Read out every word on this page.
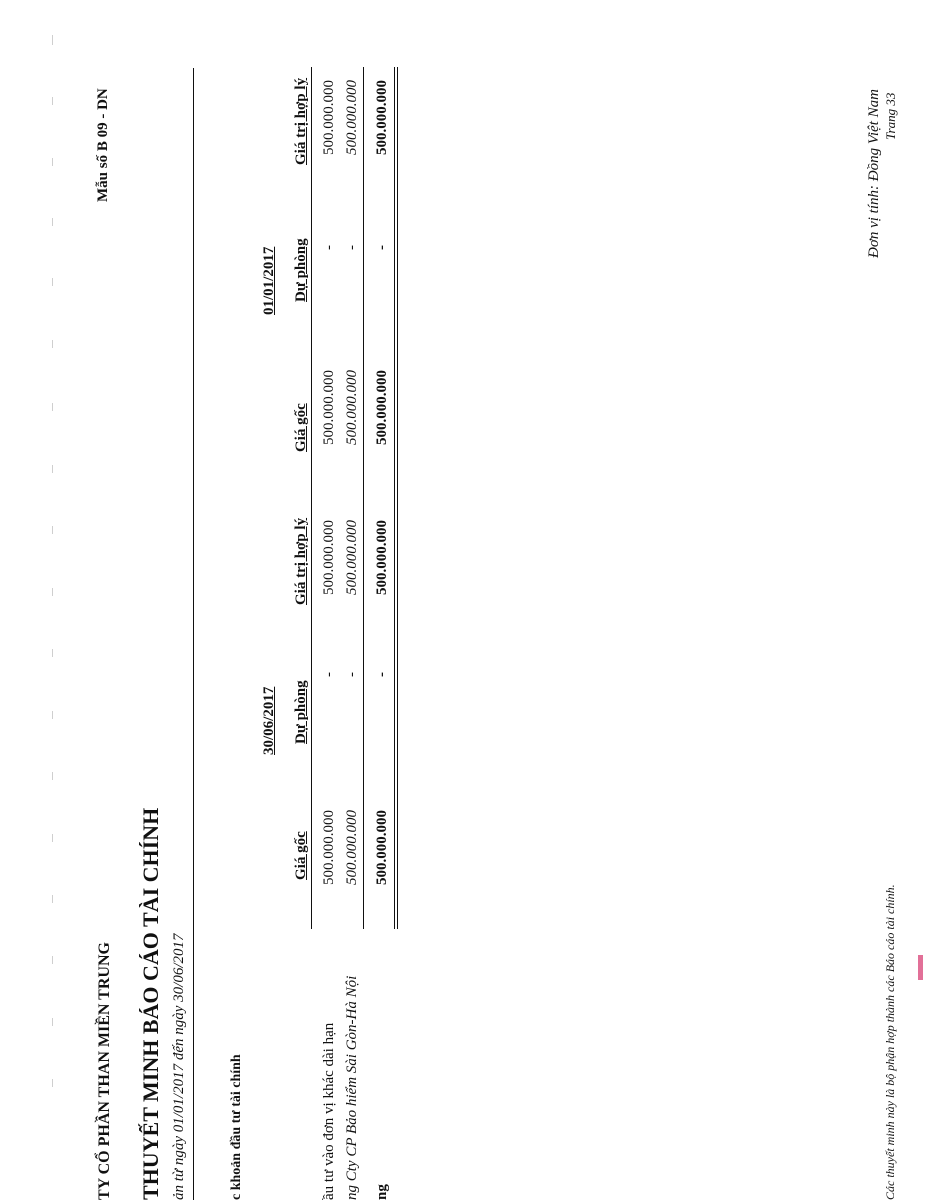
TY CỔ PHẦN THAN MIỀN TRUNG
Mẫu số B 09 - DN
THUYẾT MINH BÁO CÁO TÀI CHÍNH ản từ ngày 01/01/2017 đến ngày 30/06/2017
Đơn vị tính: Đồng Việt Nam
c khoản đầu tư tài chính
30/06/2017
01/01/2017
Giá gốc
Dự phòng
Giá trị hợp lý
Giá gốc
Dự phòng
Giá trị hợp lý
ầu tư vào đơn vị khác dài hạn
500.000.000
-
500.000.000
500.000.000
-
500.000.000
ng Cty CP Bảo hiểm Sài Gòn-Hà Nội
500.000.000
-
500.000.000
500.000.000
-
500.000.000
ng
500.000.000
-
500.000.000
500.000.000
-
500.000.000
Các thuyết minh này là bộ phận hợp thành các Báo cáo tài chính.
Trang 33
